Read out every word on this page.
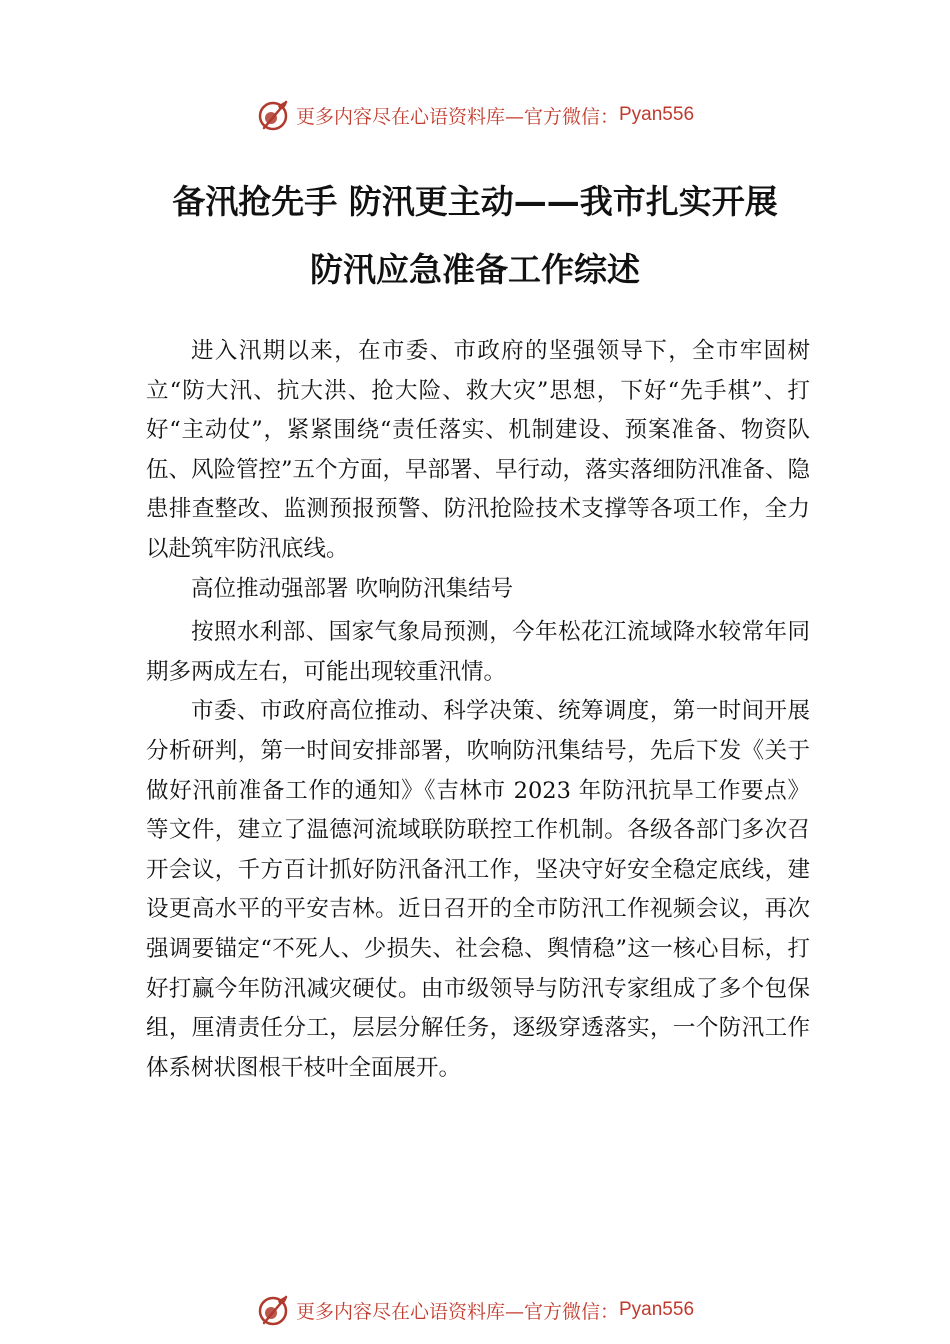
更多内容尽在心语资料库—官方微信： Pyan556
备汛抢先手 防汛更主动——我市扎实开展
防汛应急准备工作综述

进入汛期以来，在市委、市政府的坚强领导下，全市牢固树立“防大汛、抗大洪、抢大险、救大灾”思想，下好“先手棋”、打好“主动仗”，紧紧围绕“责任落实、机制建设、预案准备、物资队伍、风险管控”五个方面，早部署、早行动，落实落细防汛准备、隐患排查整改、监测预报预警、防汛抢险技术支撑等各项工作，全力以赴筑牢防汛底线。

高位推动强部署 吹响防汛集结号

按照水利部、国家气象局预测，今年松花江流域降水较常年同期多两成左右，可能出现较重汛情。

市委、市政府高位推动、科学决策、统筹调度，第一时间开展分析研判，第一时间安排部署，吹响防汛集结号，先后下发《关于做好汛前准备工作的通知》《吉林市 2023 年防汛抗旱工作要点》等文件，建立了温德河流域联防联控工作机制。各级各部门多次召开会议，千方百计抓好防汛备汛工作，坚决守好安全稳定底线，建设更高水平的平安吉林。近日召开的全市防汛工作视频会议，再次强调要锚定“不死人、少损失、社会稳、舆情稳”这一核心目标，打好打赢今年防汛减灾硬仗。由市级领导与防汛专家组成了多个包保组，厘清责任分工，层层分解任务，逐级穿透落实，一个防汛工作体系树状图根干枝叶全面展开。

更多内容尽在心语资料库—官方微信： Pyan556
